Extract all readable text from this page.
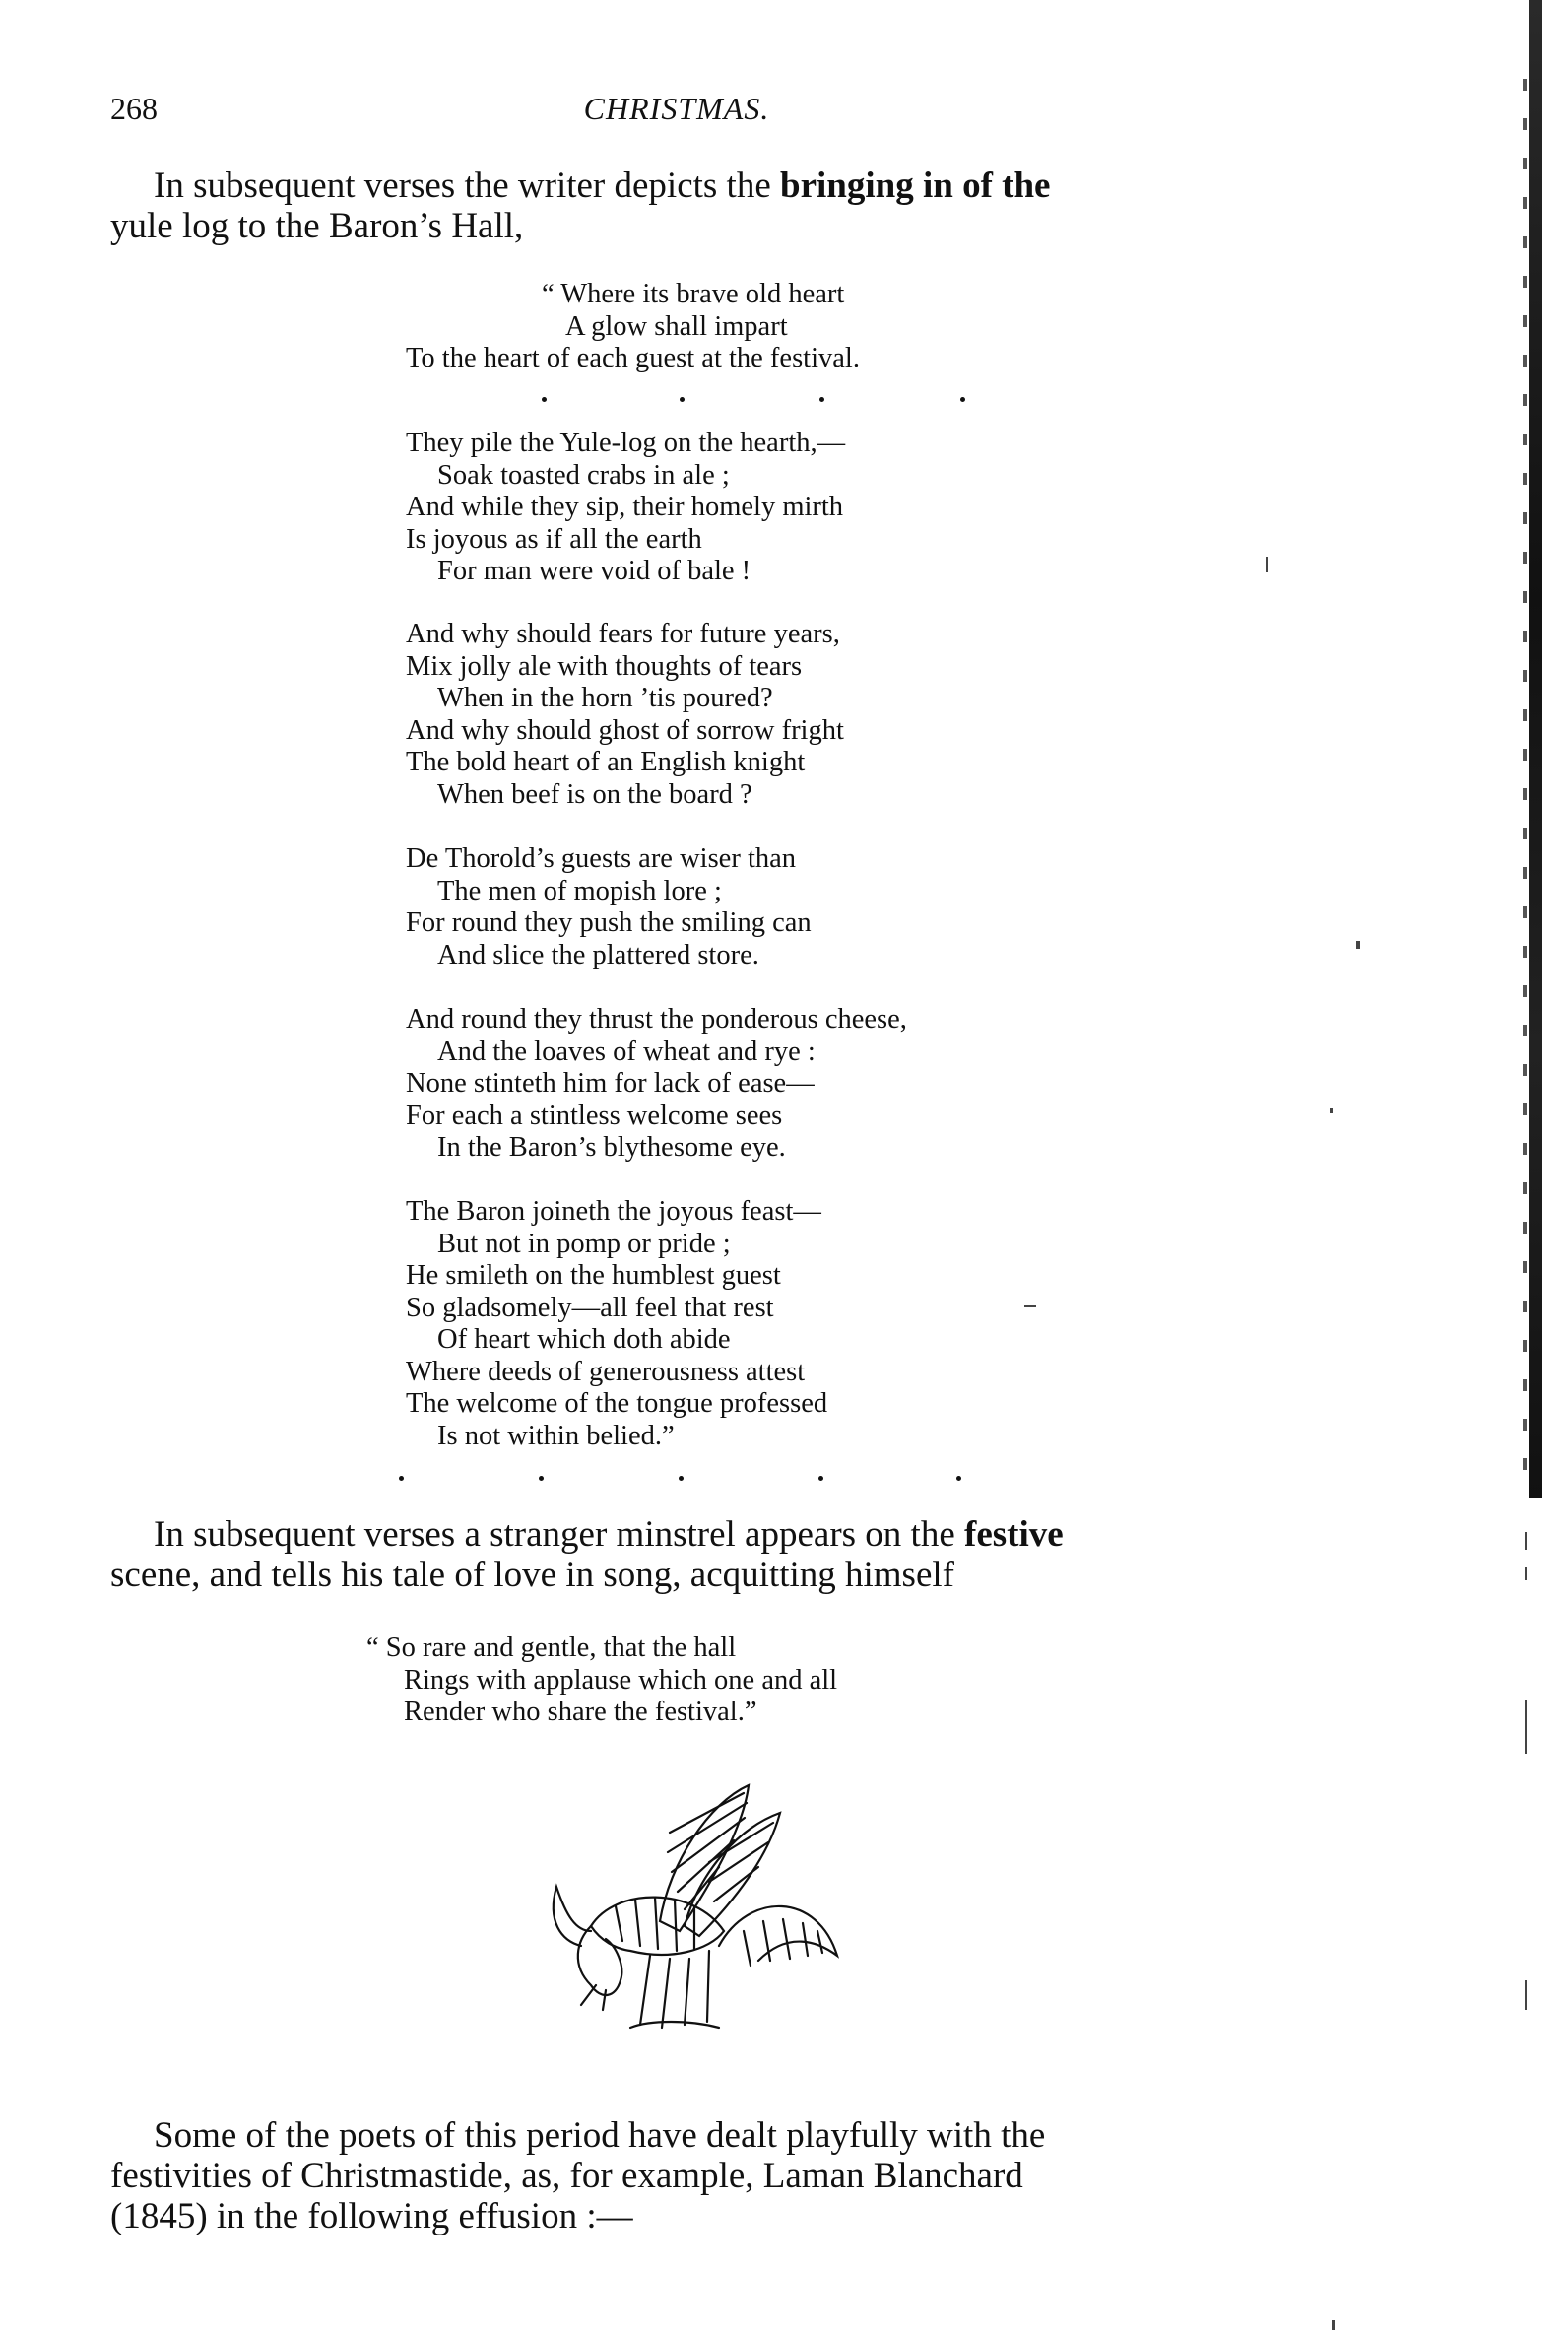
268	CHRISTMAS.

In subsequent verses the writer depicts the bringing in of the
yule log to the Baron’s Hall,

“ Where its brave old heart
A glow shall impart
To the heart of each guest at the festival.
They pile the Yule-log on the hearth,—
Soak toasted crabs in ale ;
And while they sip, their homely mirth
Is joyous as if all the earth
For man were void of bale !
And why should fears for future years,
Mix jolly ale with thoughts of tears
When in the horn ’tis poured?
And why should ghost of sorrow fright
The bold heart of an English knight
When beef is on the board ?
De Thorold’s guests are wiser than
The men of mopish lore ;
For round they push the smiling can
And slice the plattered store.
And round they thrust the ponderous cheese,
And the loaves of wheat and rye :
None stinteth him for lack of ease—
For each a stintless welcome sees
In the Baron’s blythesome eye.
The Baron joineth the joyous feast—
But not in pomp or pride ;
He smileth on the humblest guest
So gladsomely—all feel that rest
Of heart which doth abide
Where deeds of generousness attest
The welcome of the tongue professed
Is not within belied.”

In subsequent verses a stranger minstrel appears on the festive
scene, and tells his tale of love in song, acquitting himself

“ So rare and gentle, that the hall
Rings with applause which one and all
Render who share the festival.”
Some of the poets of this period have dealt playfully with the
festivities of Christmastide, as, for example, Laman Blanchard
(1845) in the following effusion :—
